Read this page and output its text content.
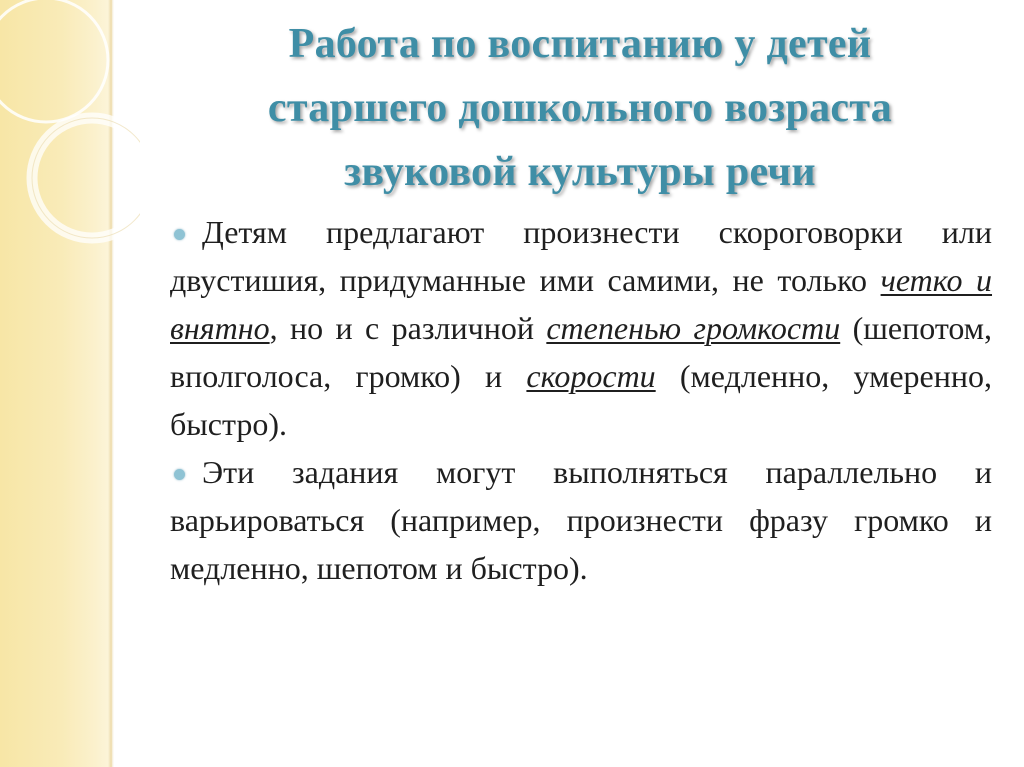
Работа по воспитанию у детей
старшего дошкольного возраста
звуковой культуры речи

Детям предлагают произнести скороговорки или двустишия, придуманные ими самими, не только четко и внятно, но и с различной степенью громкости (шепотом, вполголоса, громко) и скорости (медленно, умеренно, быстро).

Эти задания могут выполняться параллельно и варьироваться (например, произнести фразу громко и медленно, шепотом и быстро).
